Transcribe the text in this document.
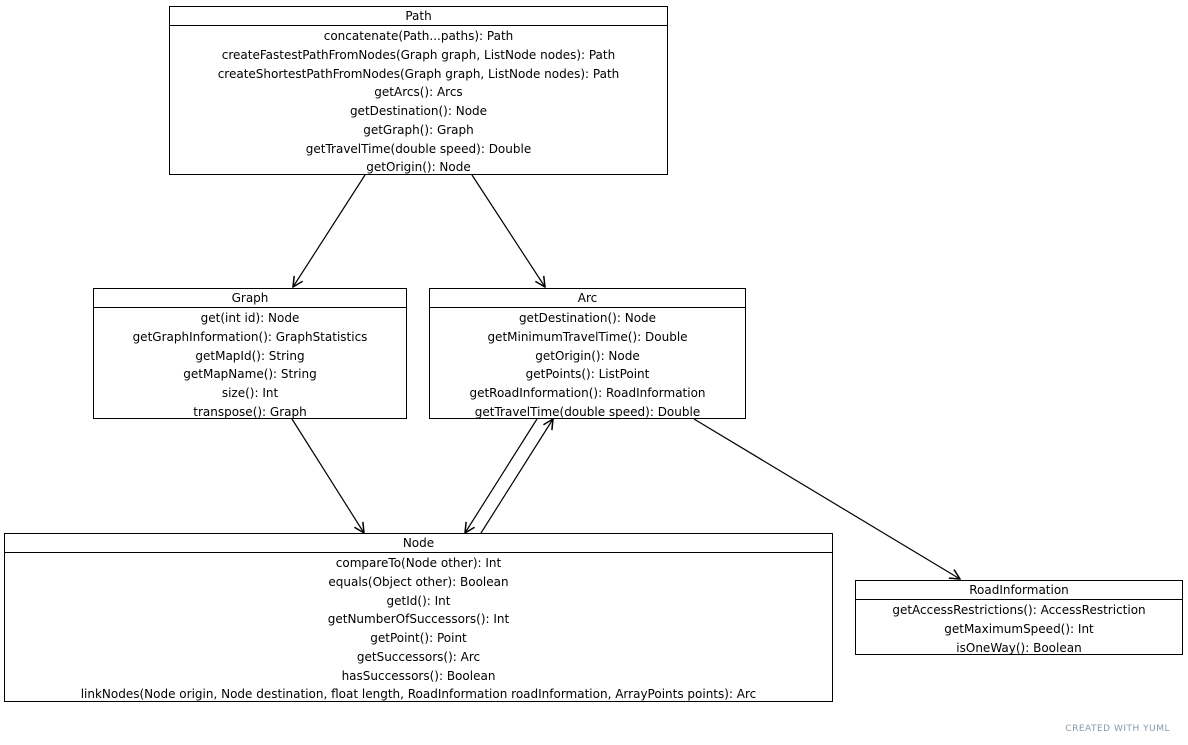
Path
concatenate(Path...paths): Path
createFastestPathFromNodes(Graph graph, ListNode nodes): Path
createShortestPathFromNodes(Graph graph, ListNode nodes): Path
getArcs(): Arcs
getDestination(): Node
getGraph(): Graph
getTravelTime(double speed): Double
getOrigin(): Node
Graph
get(int id): Node
getGraphInformation(): GraphStatistics
getMapId(): String
getMapName(): String
size(): Int
transpose(): Graph
Arc
getDestination(): Node
getMinimumTravelTime(): Double
getOrigin(): Node
getPoints(): ListPoint
getRoadInformation(): RoadInformation
getTravelTime(double speed): Double
Node
compareTo(Node other): Int
equals(Object other): Boolean
getId(): Int
getNumberOfSuccessors(): Int
getPoint(): Point
getSuccessors(): Arc
hasSuccessors(): Boolean
linkNodes(Node origin, Node destination, float length, RoadInformation roadInformation, ArrayPoints points): Arc
RoadInformation
getAccessRestrictions(): AccessRestriction
getMaximumSpeed(): Int
isOneWay(): Boolean
CREATED WITH YUML
